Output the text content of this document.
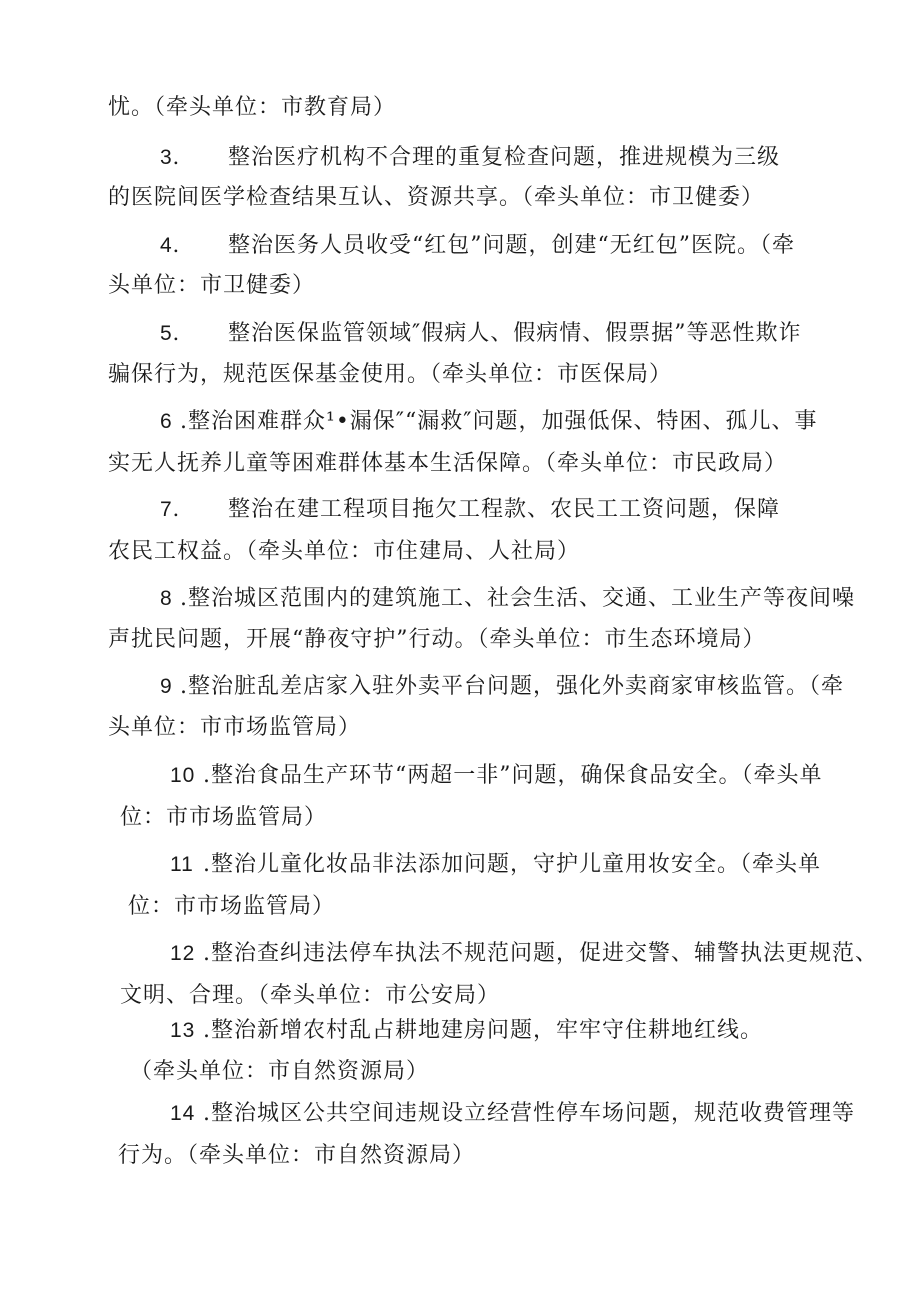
忧。（牵头单位：市教育局）
3． 整治医疗机构不合理的重复检查问题，推进规模为三级
的医院间医学检查结果互认、资源共享。（牵头单位：市卫健委）
4． 整治医务人员收受“红包”问题，创建“无红包”医院。（牵
头单位：市卫健委）
5． 整治医保监管领域″假病人、假病情、假票据”等恶性欺诈
骗保行为，规范医保基金使用。（牵头单位：市医保局）
6 .整治困难群众¹•漏保″“漏救″问题，加强低保、特困、孤儿、事
实无人抚养儿童等困难群体基本生活保障。（牵头单位：市民政局）
7． 整治在建工程项目拖欠工程款、农民工工资问题，保障
农民工权益。（牵头单位：市住建局、人社局）
8 .整治城区范围内的建筑施工、社会生活、交通、工业生产等夜间噪
声扰民问题，开展“静夜守护”行动。（牵头单位：市生态环境局）
9 .整治脏乱差店家入驻外卖平台问题，强化外卖商家审核监管。（牵
头单位：市市场监管局）
10 .整治食品生产环节“两超一非”问题，确保食品安全。（牵头单
位：市市场监管局）
11 .整治儿童化妆品非法添加问题，守护儿童用妆安全。（牵头单
位：市市场监管局）
12 .整治查纠违法停车执法不规范问题，促进交警、辅警执法更规范、
文明、合理。（牵头单位：市公安局）
13 .整治新增农村乱占耕地建房问题，牢牢守住耕地红线。
（牵头单位：市自然资源局）
14 .整治城区公共空间违规设立经营性停车场问题，规范收费管理等
行为。（牵头单位：市自然资源局）
